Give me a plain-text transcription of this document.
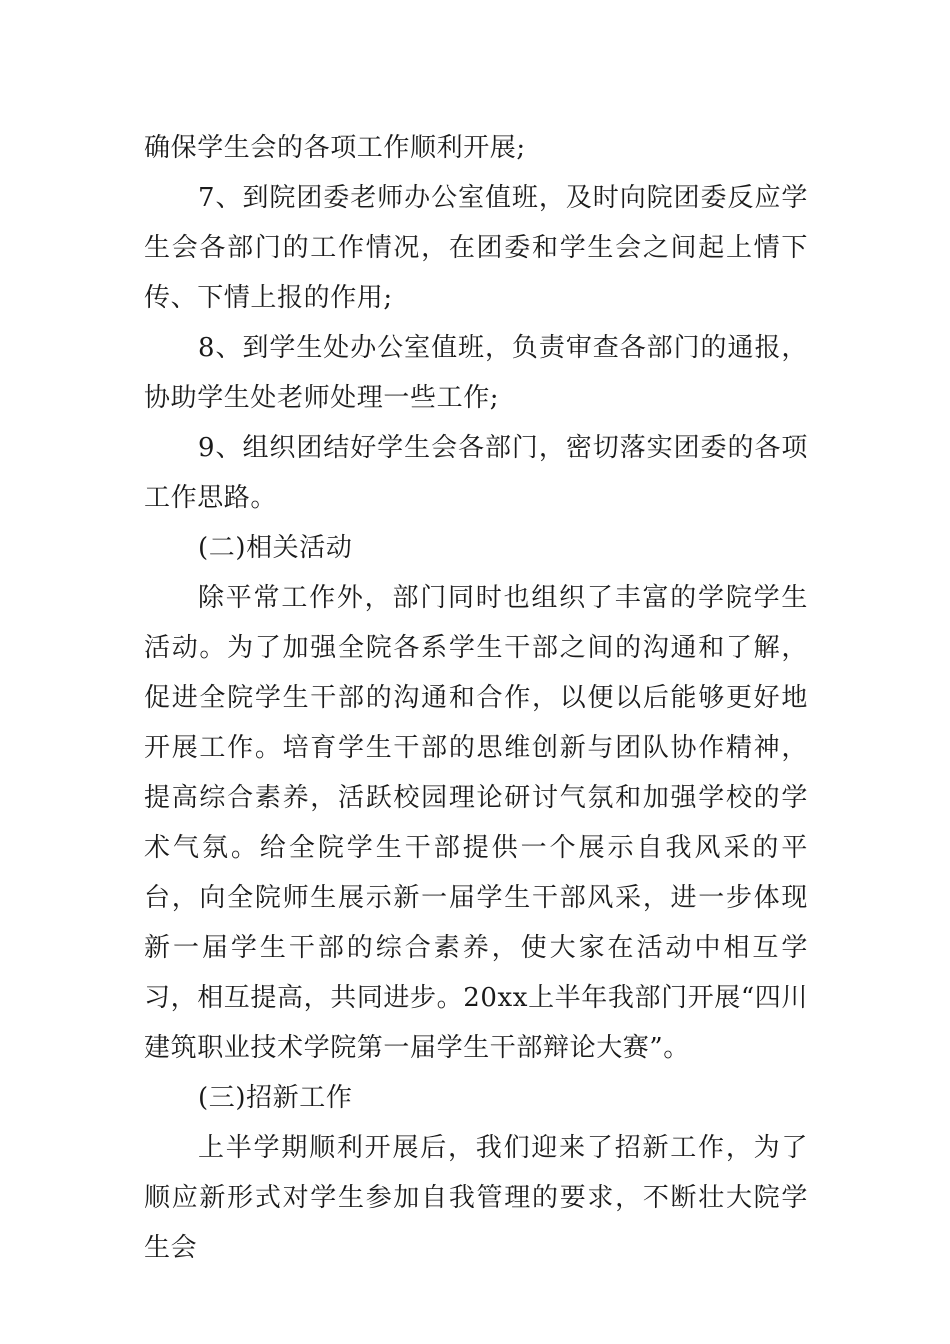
确保学生会的各项工作顺利开展;

7、到院团委老师办公室值班，及时向院团委反应学生会各部门的工作情况，在团委和学生会之间起上情下传、下情上报的作用;

8、到学生处办公室值班，负责审查各部门的通报，协助学生处老师处理一些工作;

9、组织团结好学生会各部门，密切落实团委的各项工作思路。

(二)相关活动

除平常工作外，部门同时也组织了丰富的学院学生活动。为了加强全院各系学生干部之间的沟通和了解，促进全院学生干部的沟通和合作，以便以后能够更好地开展工作。培育学生干部的思维创新与团队协作精神，提高综合素养，活跃校园理论研讨气氛和加强学校的学术气氛。给全院学生干部提供一个展示自我风采的平台，向全院师生展示新一届学生干部风采，进一步体现新一届学生干部的综合素养，使大家在活动中相互学习，相互提高，共同进步。20xx上半年我部门开展“四川建筑职业技术学院第一届学生干部辩论大赛”。

(三)招新工作

上半学期顺利开展后，我们迎来了招新工作，为了顺应新形式对学生参加自我管理的要求，不断壮大院学生会
